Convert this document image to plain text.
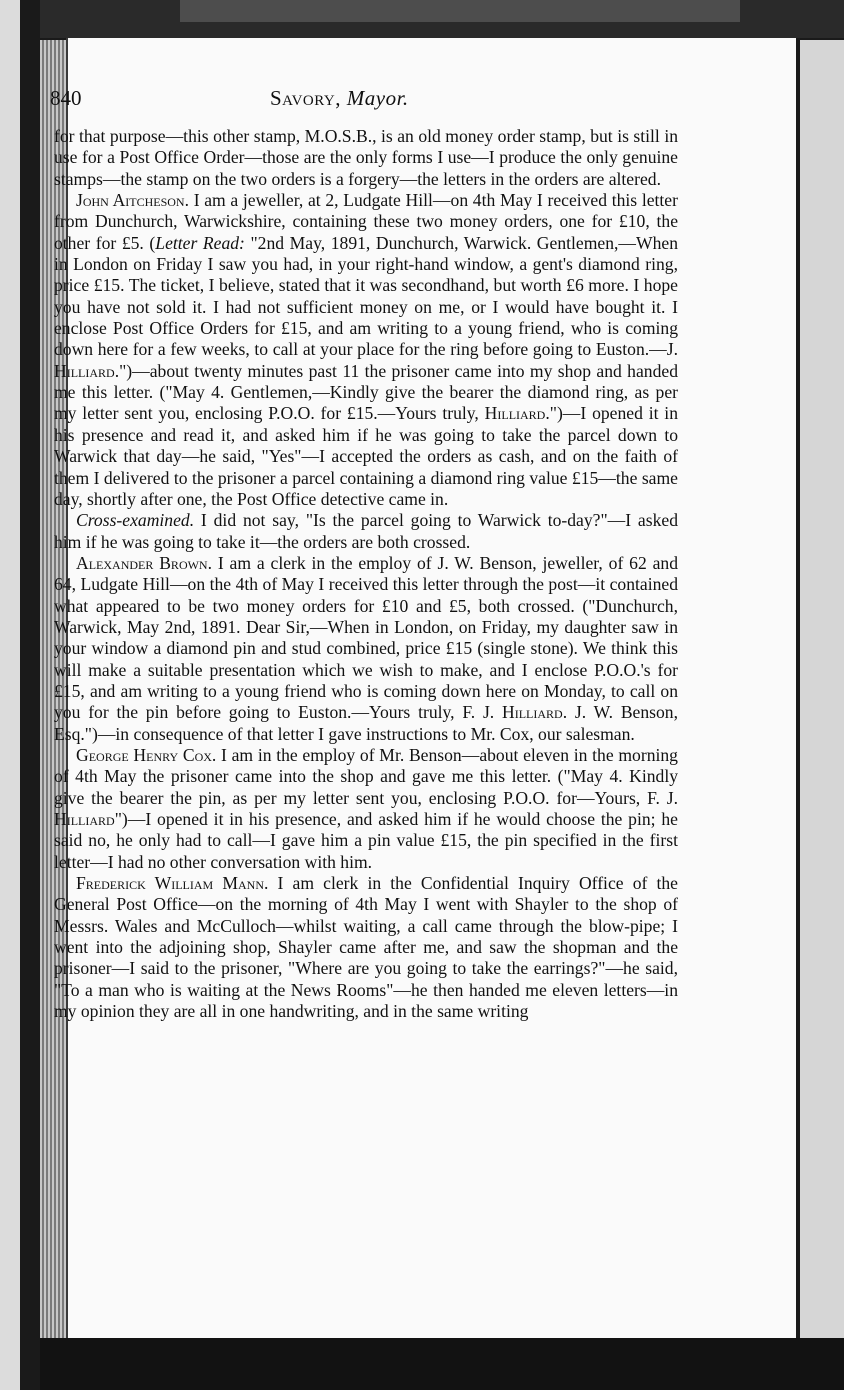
840	Savory, Mayor.

for that purpose—this other stamp, M.O.S.B., is an old money order stamp, but is still in use for a Post Office Order—those are the only forms I use—I produce the only genuine stamps—the stamp on the two orders is a forgery—the letters in the orders are altered.

John Aitcheson. I am a jeweller, at 2, Ludgate Hill—on 4th May I received this letter from Dunchurch, Warwickshire, containing these two money orders, one for £10, the other for £5. (Letter Read: "2nd May, 1891, Dunchurch, Warwick. Gentlemen,—When in London on Friday I saw you had, in your right-hand window, a gent's diamond ring, price £15. The ticket, I believe, stated that it was secondhand, but worth £6 more. I hope you have not sold it. I had not sufficient money on me, or I would have bought it. I enclose Post Office Orders for £15, and am writing to a young friend, who is coming down here for a few weeks, to call at your place for the ring before going to Euston.—J. Hilliard.")—about twenty minutes past 11 the prisoner came into my shop and handed me this letter. ("May 4. Gentlemen,—Kindly give the bearer the diamond ring, as per my letter sent you, enclosing P.O.O. for £15.—Yours truly, Hilliard.")—I opened it in his presence and read it, and asked him if he was going to take the parcel down to Warwick that day—he said, "Yes"—I accepted the orders as cash, and on the faith of them I delivered to the prisoner a parcel containing a diamond ring value £15—the same day, shortly after one, the Post Office detective came in.

Cross-examined. I did not say, "Is the parcel going to Warwick to-day?"—I asked him if he was going to take it—the orders are both crossed.

Alexander Brown. I am a clerk in the employ of J. W. Benson, jeweller, of 62 and 64, Ludgate Hill—on the 4th of May I received this letter through the post—it contained what appeared to be two money orders for £10 and £5, both crossed. ("Dunchurch, Warwick, May 2nd, 1891. Dear Sir,—When in London, on Friday, my daughter saw in your window a diamond pin and stud combined, price £15 (single stone). We think this will make a suitable presentation which we wish to make, and I enclose P.O.O.'s for £15, and am writing to a young friend who is coming down here on Monday, to call on you for the pin before going to Euston.—Yours truly, F. J. Hilliard. J. W. Benson, Esq.")—in consequence of that letter I gave instructions to Mr. Cox, our salesman.

George Henry Cox. I am in the employ of Mr. Benson—about eleven in the morning of 4th May the prisoner came into the shop and gave me this letter. ("May 4. Kindly give the bearer the pin, as per my letter sent you, enclosing P.O.O. for—Yours, F. J. Hilliard")—I opened it in his presence, and asked him if he would choose the pin; he said no, he only had to call—I gave him a pin value £15, the pin specified in the first letter—I had no other conversation with him.

Frederick William Mann. I am clerk in the Confidential Inquiry Office of the General Post Office—on the morning of 4th May I went with Shayler to the shop of Messrs. Wales and McCulloch—whilst waiting, a call came through the blow-pipe; I went into the adjoining shop, Shayler came after me, and saw the shopman and the prisoner—I said to the prisoner, "Where are you going to take the earrings?"—he said, "To a man who is waiting at the News Rooms"—he then handed me eleven letters—in my opinion they are all in one handwriting, and in the same writing
